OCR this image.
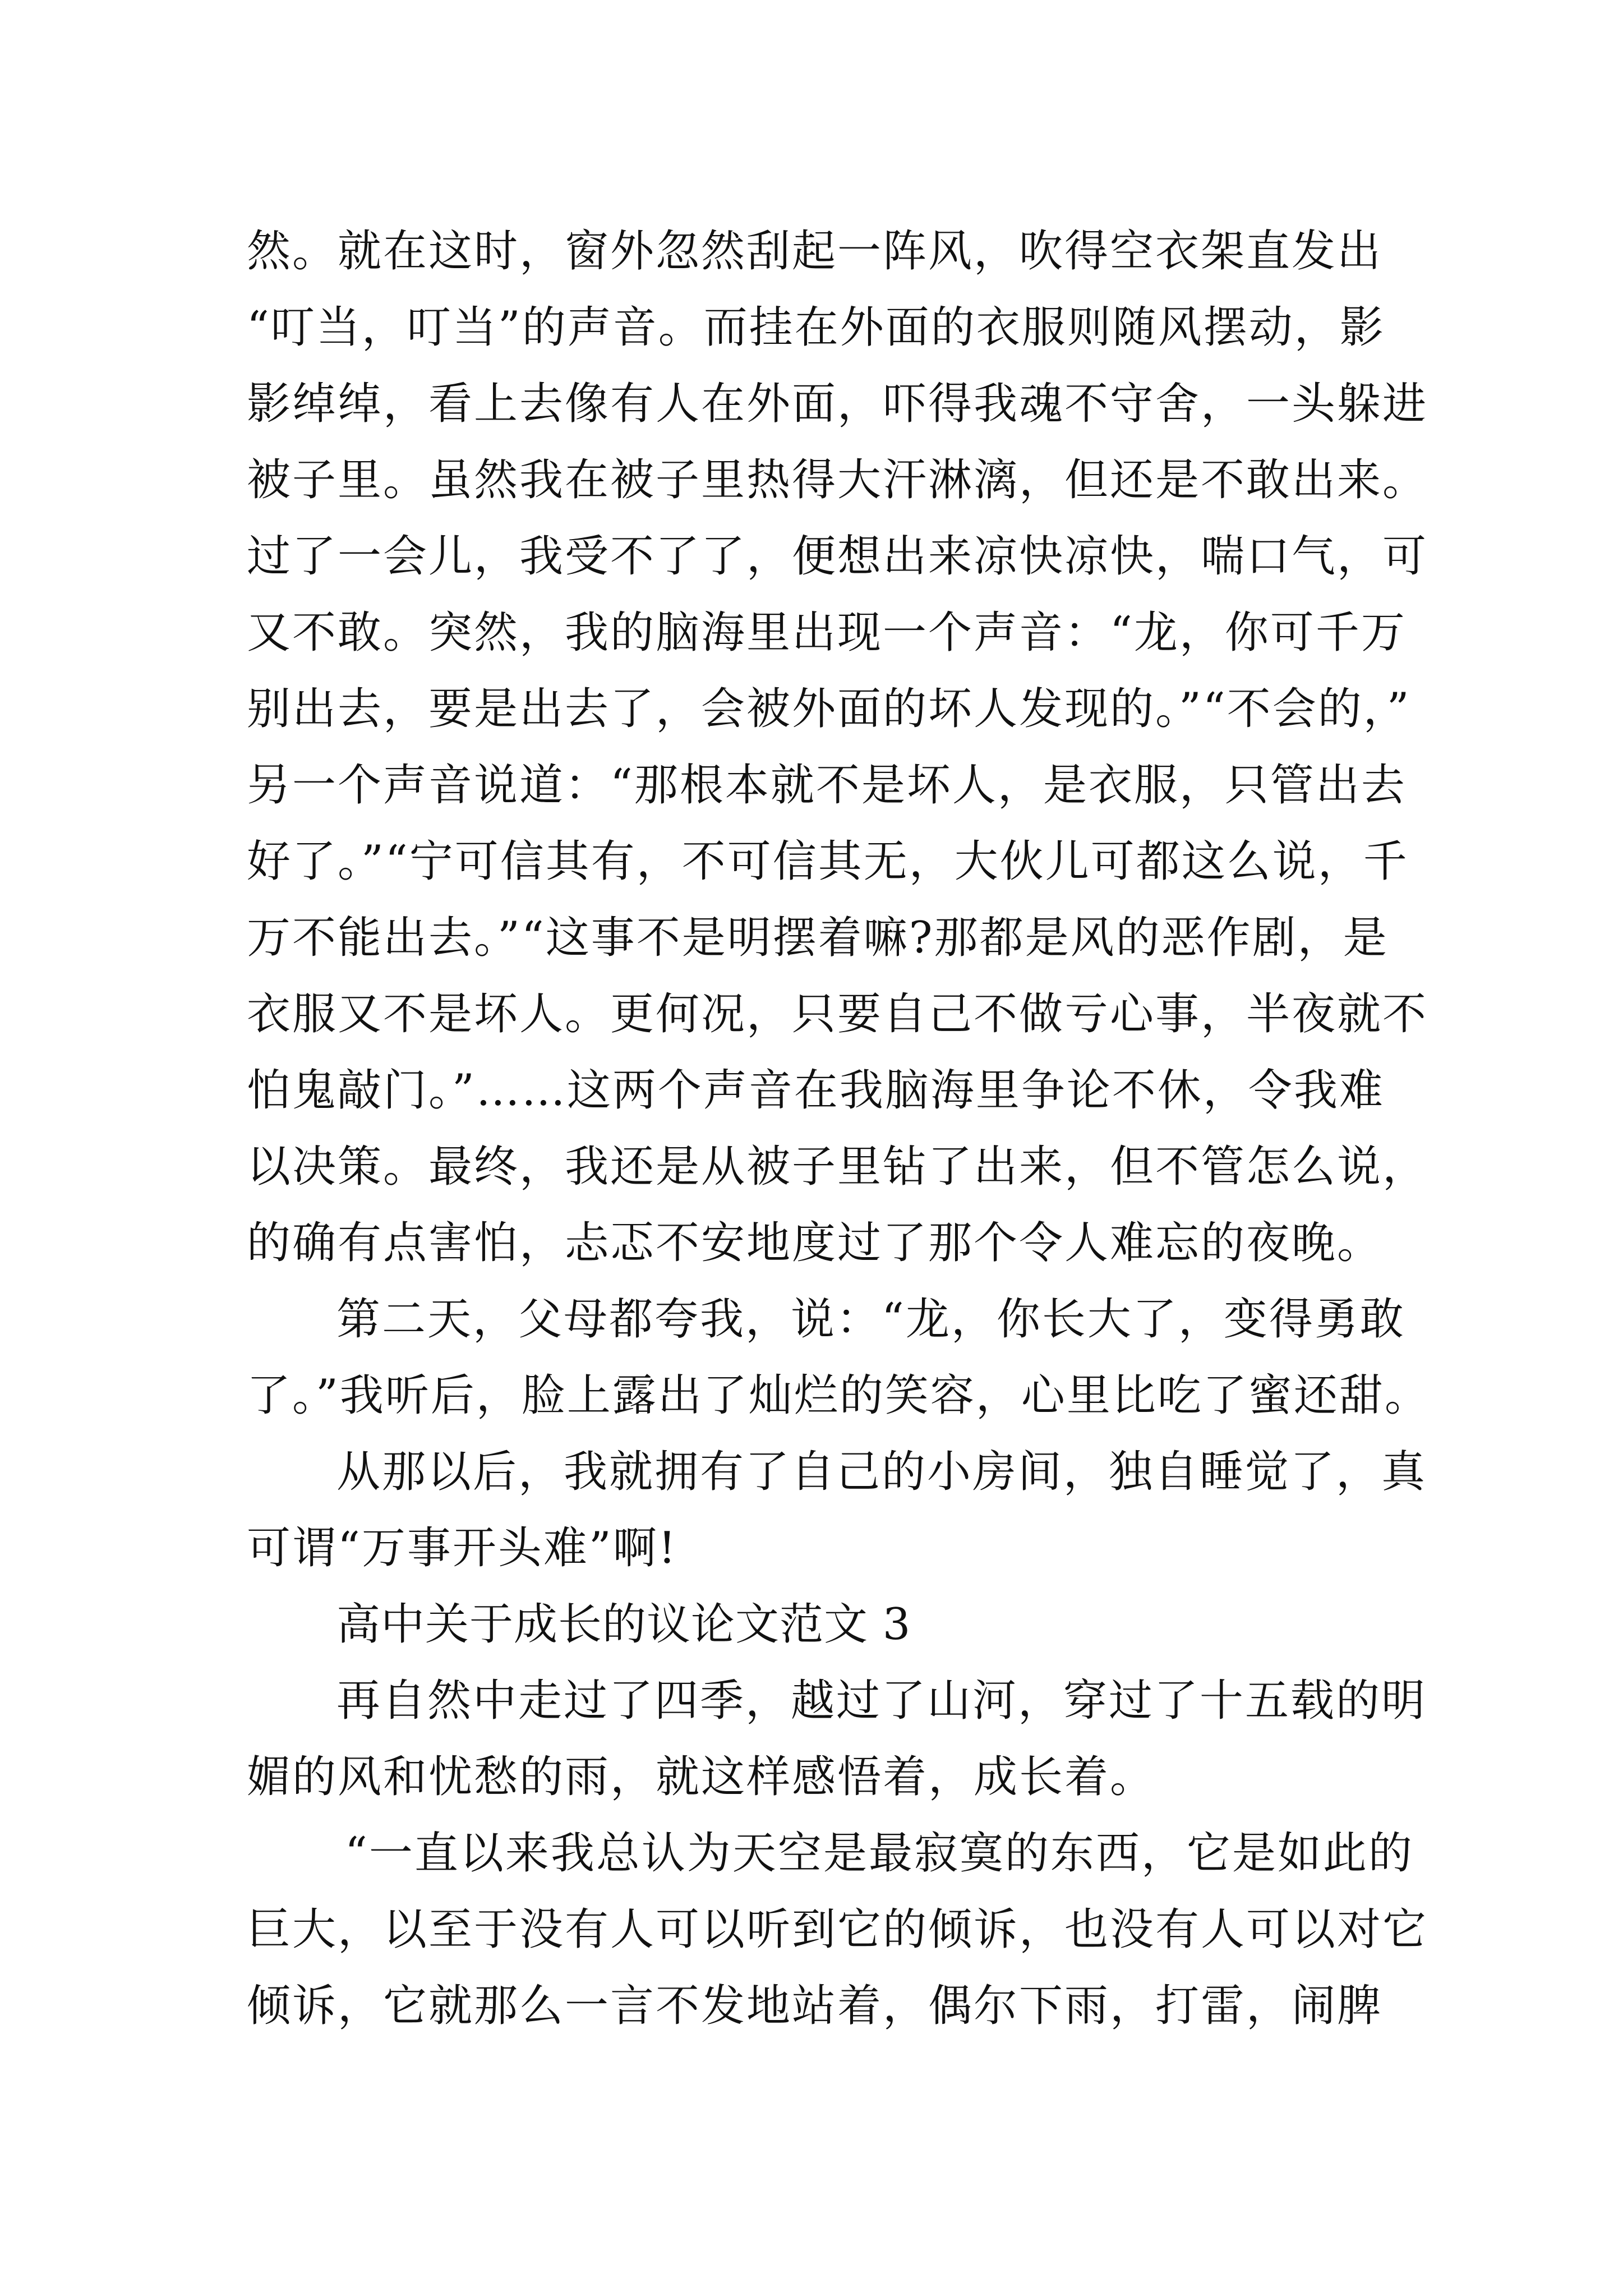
然。就在这时，窗外忽然刮起一阵风，吹得空衣架直发出
“叮当，叮当”的声音。而挂在外面的衣服则随风摆动，影
影绰绰，看上去像有人在外面，吓得我魂不守舍，一头躲进
被子里。虽然我在被子里热得大汗淋漓，但还是不敢出来。
过了一会儿，我受不了了，便想出来凉快凉快，喘口气，可
又不敢。突然，我的脑海里出现一个声音：“龙，你可千万
别出去，要是出去了，会被外面的坏人发现的。”“不会的，”
另一个声音说道：“那根本就不是坏人，是衣服，只管出去
好了。”“宁可信其有，不可信其无，大伙儿可都这么说，千
万不能出去。”“这事不是明摆着嘛?那都是风的恶作剧，是
衣服又不是坏人。更何况，只要自己不做亏心事，半夜就不
怕鬼敲门。”……这两个声音在我脑海里争论不休，令我难
以决策。最终，我还是从被子里钻了出来，但不管怎么说，
的确有点害怕，忐忑不安地度过了那个令人难忘的夜晚。
第二天，父母都夸我，说：“龙，你长大了，变得勇敢
了。”我听后，脸上露出了灿烂的笑容，心里比吃了蜜还甜。
从那以后，我就拥有了自己的小房间，独自睡觉了，真
可谓“万事开头难”啊!
高中关于成长的议论文范文 3
再自然中走过了四季，越过了山河，穿过了十五载的明
媚的风和忧愁的雨，就这样感悟着，成长着。
“一直以来我总认为天空是最寂寞的东西，它是如此的
巨大，以至于没有人可以听到它的倾诉，也没有人可以对它
倾诉，它就那么一言不发地站着，偶尔下雨，打雷，闹脾
